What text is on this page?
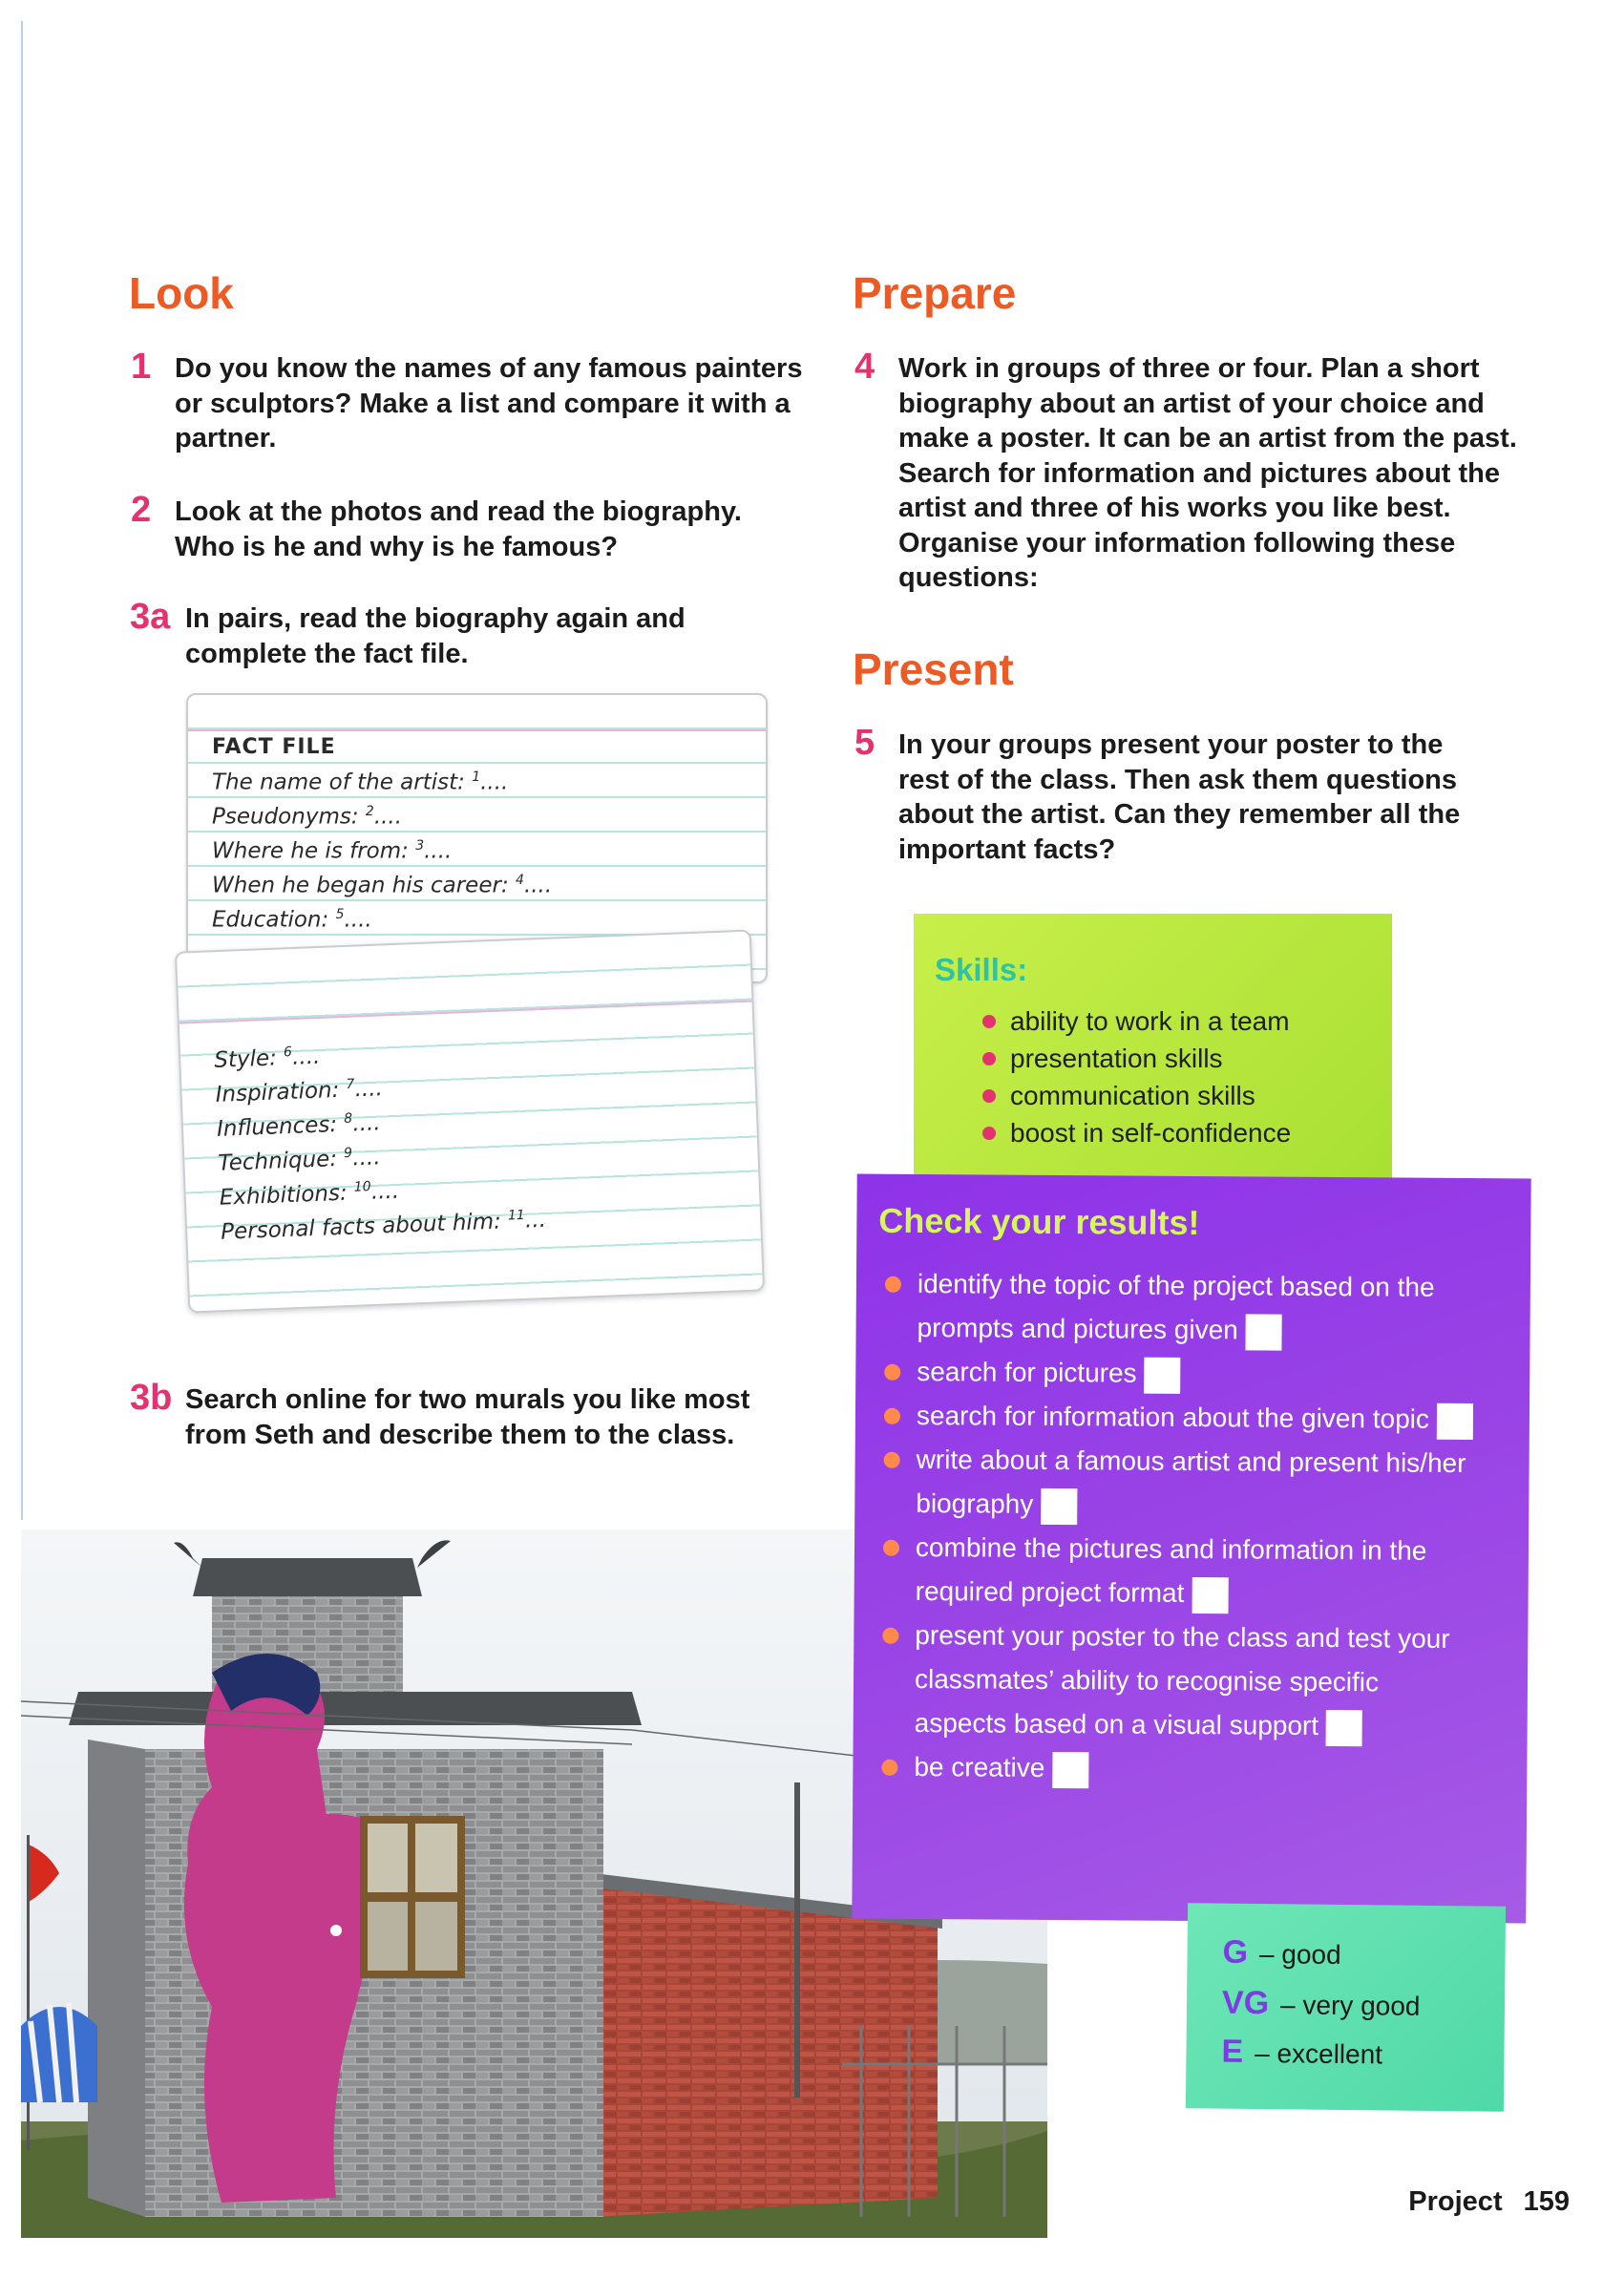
Look
1 Do you know the names of any famous painters or sculptors? Make a list and compare it with a partner.
2 Look at the photos and read the biography. Who is he and why is he famous?
3a In pairs, read the biography again and complete the fact file.
FACT FILE
The name of the artist: $^1$....
Pseudonyms: $^2$....
Where he is from: $^3$....
When he began his career: $^4$....
Education: $^5$....
Style: $^6$....
Inspiration: $^7$....
Influences: $^8$....
Technique: $^9$....
Exhibitions: $^{10}$....
Personal facts about him: $^{11}$...
3b Search online for two murals you like most from Seth and describe them to the class.
Prepare
4 Work in groups of three or four. Plan a short biography about an artist of your choice and make a poster. It can be an artist from the past. Search for information and pictures about the artist and three of his works you like best. Organise your information following these questions:
Present
5 In your groups present your poster to the rest of the class. Then ask them questions about the artist. Can they remember all the important facts?
Skills:
ability to work in a team
presentation skills
communication skills
boost in self-confidence
Check your results!
identify the topic of the project based on the prompts and pictures given
search for pictures
search for information about the given topic
write about a famous artist and present his/her biography
combine the pictures and information in the required project format
present your poster to the class and test your classmates’ ability to recognise specific aspects based on a visual support
be creative
G – good
VG – very good
E – excellent
Project 159
